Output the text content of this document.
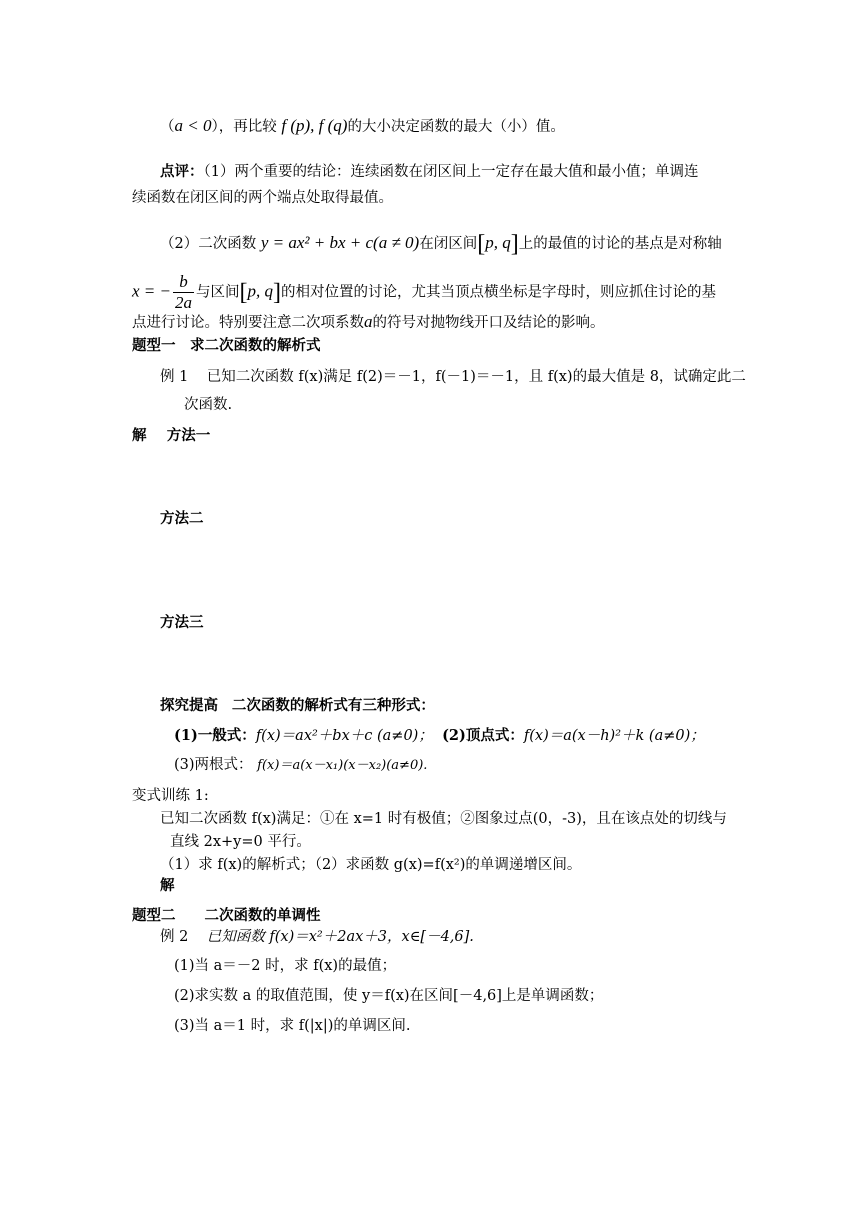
（a < 0），再比较 f (p), f (q)的大小决定函数的最大（小）值。
点评：（1）两个重要的结论：连续函数在闭区间上一定存在最大值和最小值；单调连
续函数在闭区间的两个端点处取得最值。
（2）二次函数 y = ax² + bx + c(a ≠ 0)在闭区间[p, q]上的最值的讨论的基点是对称轴
x = − $\frac{b}{2a}$ 与区间[p, q]的相对位置的讨论，尤其当顶点横坐标是字母时，则应抓住讨论的基
点进行讨论。特别要注意二次项系数a的符号对抛物线开口及结论的影响。
题型一　求二次函数的解析式
例 1 已知二次函数 f(x)满足 f(2)＝－1，f(－1)＝－1，且 f(x)的最大值是 8，试确定此二
次函数.
解 方法一
方法二
方法三
探究提高 二次函数的解析式有三种形式：
(1)一般式：f(x)＝ax²＋bx＋c (a≠0)； (2)顶点式：f(x)＝a(x－h)²＋k (a≠0)；
(3)两根式： f(x)＝a(x－x₁)(x－x₂)(a≠0).
变式训练 1:
已知二次函数 f(x)满足：①在 x=1 时有极值；②图象过点(0，-3)，且在该点处的切线与
直线 2x+y=0 平行。
（1）求 f(x)的解析式；（2）求函数 g(x)=f(x²)的单调递增区间。
解
题型二　　二次函数的单调性
例 2 已知函数 f(x)＝x²＋2ax＋3，x∈[－4,6].
(1)当 a＝－2 时，求 f(x)的最值；
(2)求实数 a 的取值范围，使 y＝f(x)在区间[－4,6]上是单调函数；
(3)当 a＝1 时，求 f(|x|)的单调区间.
